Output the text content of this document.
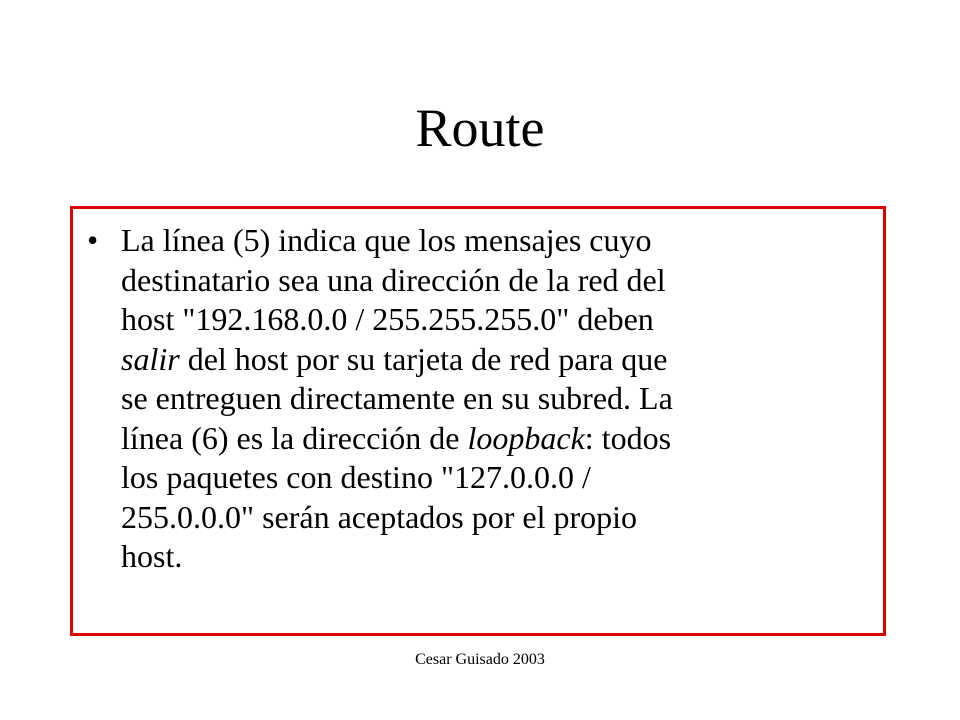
Route
• La línea (5) indica que los mensajes cuyo
destinatario sea una dirección de la red del
host "192.168.0.0 / 255.255.255.0" deben
salir del host por su tarjeta de red para que
se entreguen directamente en su subred. La
línea (6) es la dirección de loopback: todos
los paquetes con destino "127.0.0.0 /
255.0.0.0" serán aceptados por el propio
host.
Cesar Guisado 2003
